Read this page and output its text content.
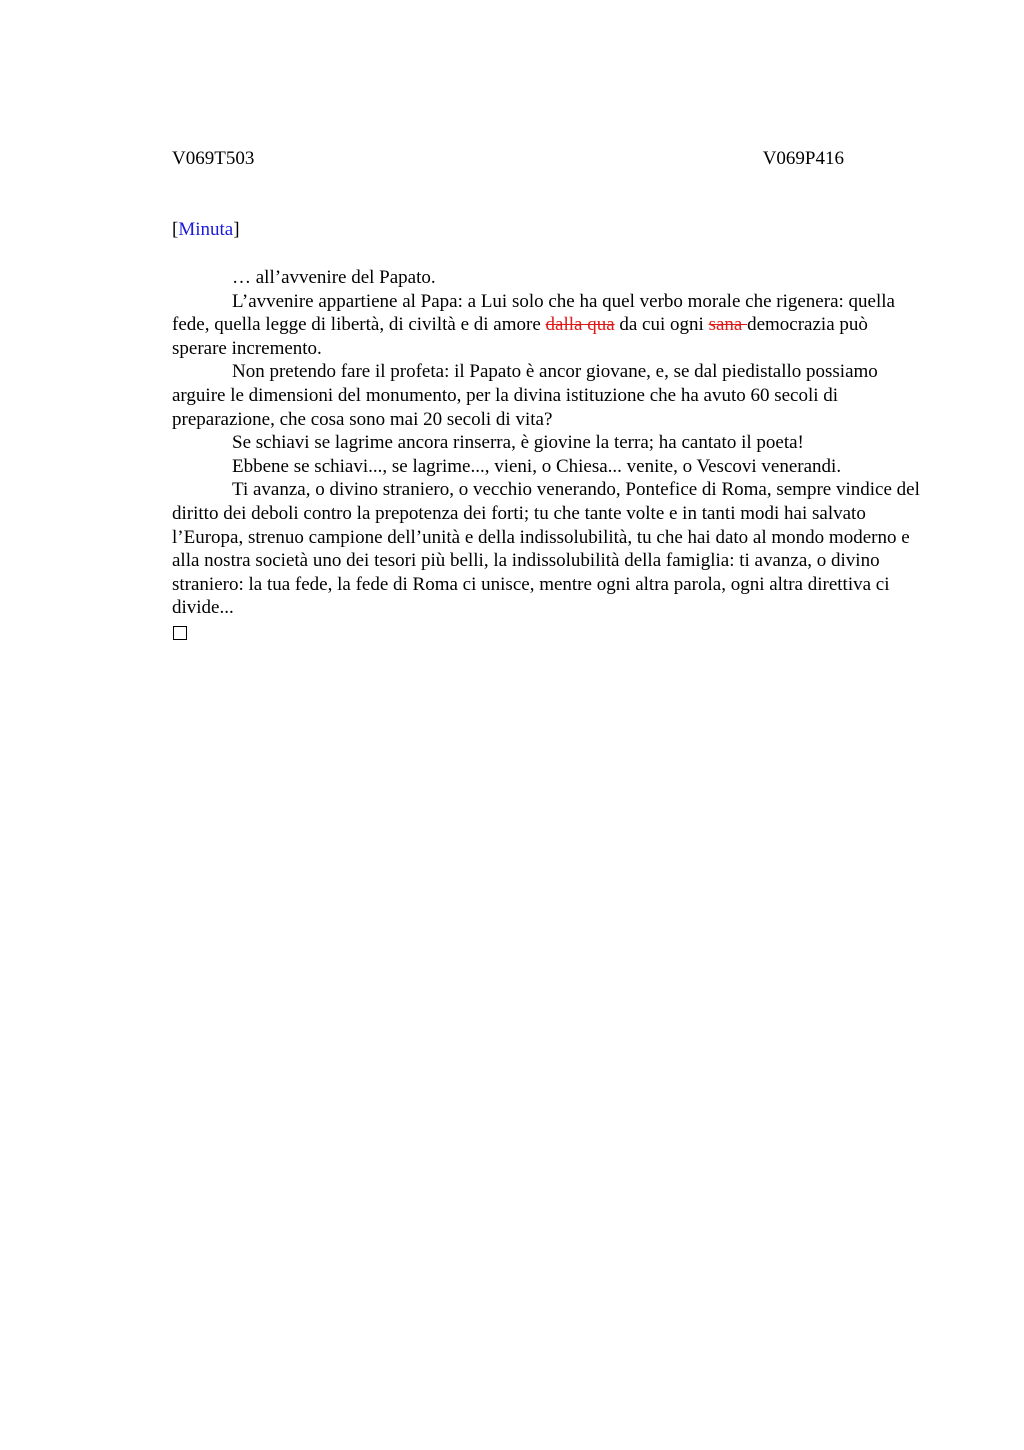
V069T503	V069P416
[Minuta]

… all’avvenire del Papato.

L’avvenire appartiene al Papa: a Lui solo che ha quel verbo morale che rigenera: quella fede, quella legge di libertà, di civiltà e di amore dalla qua da cui ogni sana democrazia può sperare incremento.

Non pretendo fare il profeta: il Papato è ancor giovane, e, se dal piedistallo possiamo arguire le dimensioni del monumento, per la divina istituzione che ha avuto 60 secoli di preparazione, che cosa sono mai 20 secoli di vita?

Se schiavi se lagrime ancora rinserra, è giovine la terra; ha cantato il poeta!

Ebbene se schiavi..., se lagrime..., vieni, o Chiesa... venite, o Vescovi venerandi.

Ti avanza, o divino straniero, o vecchio venerando, Pontefice di Roma, sempre vindice del diritto dei deboli contro la prepotenza dei forti; tu che tante volte e in tanti modi hai salvato l’Europa, strenuo campione dell’unità e della indissolubilità, tu che hai dato al mondo moderno e alla nostra società uno dei tesori più belli, la indissolubilità della famiglia: ti avanza, o divino straniero: la tua fede, la fede di Roma ci unisce, mentre ogni altra parola, ogni altra direttiva ci divide...
